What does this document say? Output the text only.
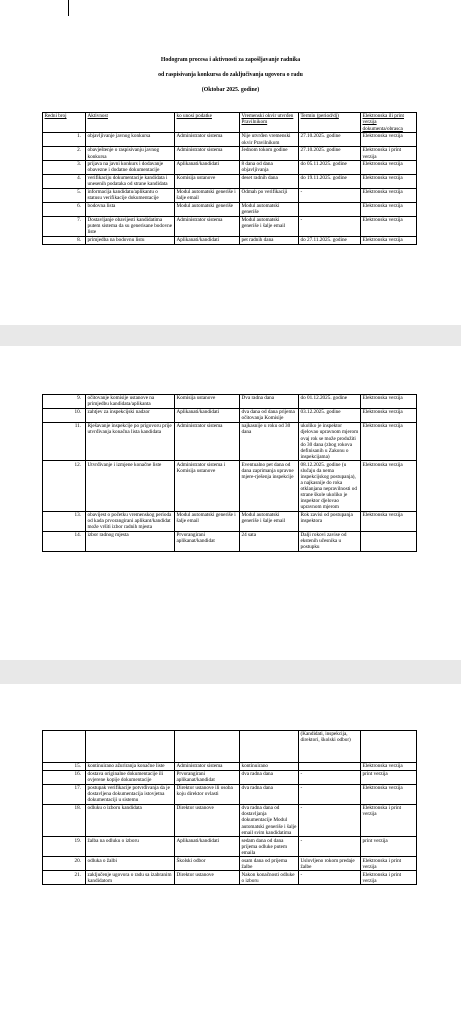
Hodogram procesa i aktivnosti za zapošljavanje radnika
od raspisivanja konkursa do zaključivanja ugovora o radu
(Oktobar 2025. godine)
Redni broj	Aktivnost	ko unosi podatke	Vremenski okvir utvrđen Pravilnikom	Termin (period/dj)	Elektronska ili print verzija dokumenta/obrasca
1.	objavljivanje javnog konkursa	Administrator sistema	Nije utvrđen vremenski okvir Pravilnikom	27.10.2025. godine	Elektronska verzija
2.	obavještenje o raspisivanju javnog konkursa	Administrator sistema	Jednom tokom godine	27.10.2025. godine	Elektronska i print verzija
3.	prijava na javni konkurs i dodavanje obavezne i dodatne dokumentacije	Aplikanati/kandidati	8 dana od dana objavljivanja	do 05.11.2025. godine	Elektronska verzija
4.	verifikaciju dokumentacije kandidata i unesenih podataka od strane kandidata	Komisija ustanove	deset radnih dana	do 19.11.2025. godine	Elektronska verzija
5.	informacija kandidatu/aplikantu o statusu verifikacije dokumentacije	Modul automatski generiše i šalje email	Odmah po verifikaciji	-	Elektronska verzija
6.	bodovna lista	Modul automatski generiše	Modul automatski generiše		Elektronska verzija
7.	Dostavljanje obavijesti kandidatima putem sistema da su generisane bodovne liste	Administrator sistema	Modul automatski generiše i šalje email	-	Elektronska verzija
8.	primjedba na bodovnu listu	Aplikanati/kandidati	pet radnih dana	do 27.11.2025. godine	Elektronska verzija
9.	očitovanje komisije ustanove na primjedbu kandidata/aplikanta	Komisija ustanove	Dva radna dana	do 01.12.2025. godine	Elektronska verzija
10.	zahtjev za inspekcijski nadzor	Aplikanati/kandidati	dva dana od dana prijema očitovanja Komisije	03.12.2025. godine	Elektronska verzija
11.	Rješavanje inspekcije po prigovoru prije utvrđivanja konačna lista kandidata	Administrator sistema	najkasnije u roku od 30 dana	ukoliko je inspektor djelovao upravnom mjerom ovaj rok se može produžiti do 30 dana (zbog rokova definisanih u Zakonu o inspekcijama)	Elektronska verzija
12.	Utvrđivanje i izmjene konačne liste	Administrator sistema i Komisija ustanove	Eventualno pet dana od dana zaprimanja upravne mjere-rješenja inspekcije	08.12.2025. godine (u slučaju da nema inspekcijskog postupanja), a najkasnije do roka otklanjana nepravilnosti od strane škole ukoliko je inspektor djelovao upravnom mjerom	Elektronska verzija
13.	obavijest o početku vremenskog perioda od kada prvorangirani aplikant/kandidat može vršiti izbor radnih mjesta	Modul automatski generiše i šalje email	Modul automatski generiše i šalje email	Rok zavisi od postupanja inspektora	Elektronska verzija
14.	izbor radnog mjesta	Prvorangirani aplikanat/kandidat	24 sata	Dalji rokovi zavise od ekstenih učesnika u postupku	
				(Kandidati, inspekcija, direktori, školski odbor)	
15.	kontinuirano ažuriranja konačne liste	Administrator sistema	kontinuirano		Elektronska verzija
16.	dostava originalne dokumentacije ili ovjerene kopije dokumentacije	Prvorangirani aplikanat/kandidat	dva radna dana	-	print verzija
17.	postupak verifikacije potvrđivanja da je dostavljena dokumentacija istovjetna dokumentaciji u sistemu	Direktor ustanove ili osoba koju direktor ovlasti	dva radna dana	-	Elektronska verzija
18.	odluku o izboru kandidata	Direktor ustanove	dva radna dana od dostavljanja dokumentacije Modul automatski generiše i šalje email svim kandidatima	-	Elektronska i print verzija
19.	žalba na odluku o izboru	Aplikanati/kandidati	sedam dana od dana prijema odluke putem emaila	-	print verzija
20.	odluka o žalbi	Školski odbor	osam dana od prijema žalbe	Uslovljeno rokom predaje žalbe	Elektronska i print verzija
21.	zaključenje ugovora o radu sa izabranim kandidatom	Direktor ustanove	Nakon konačnosti odluke o izboru	-	Elektronska i print verzija
